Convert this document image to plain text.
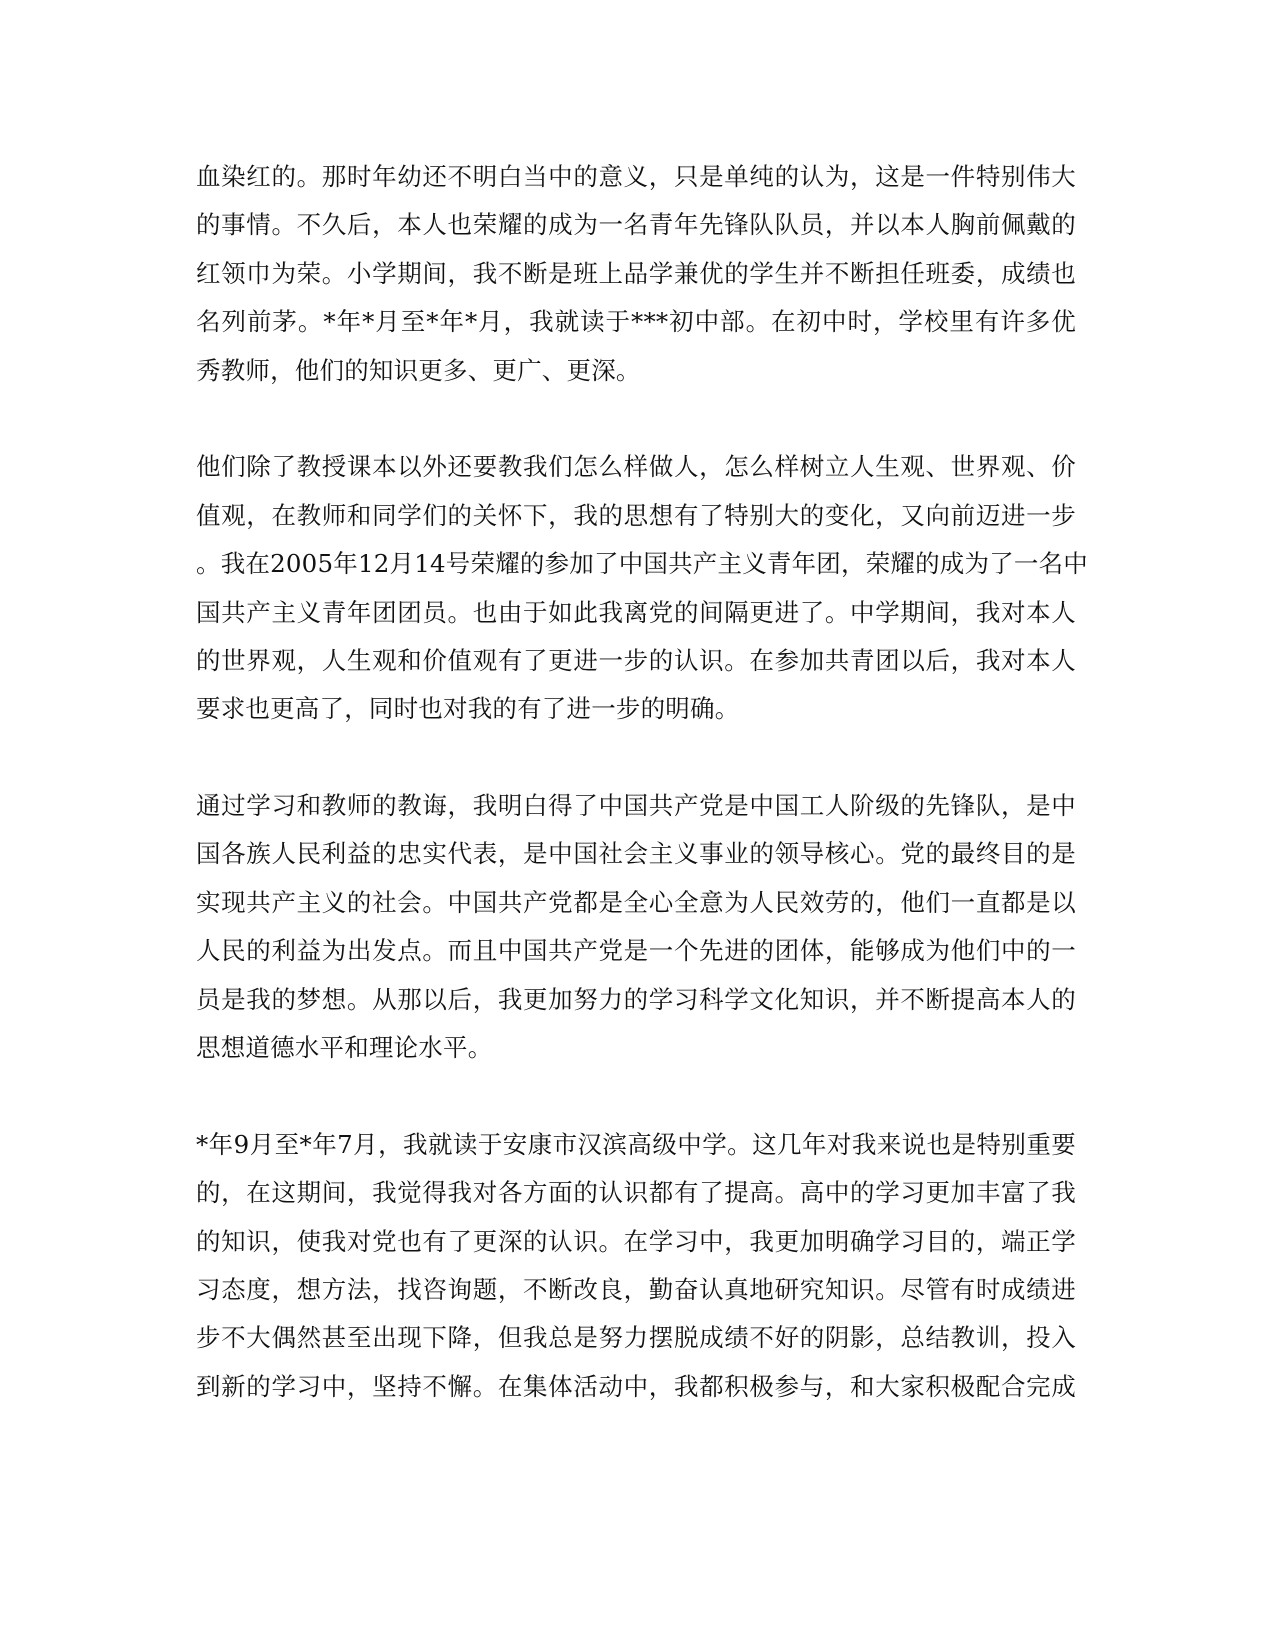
血染红的。那时年幼还不明白当中的意义，只是单纯的认为，这是一件特别伟大
的事情。不久后，本人也荣耀的成为一名青年先锋队队员，并以本人胸前佩戴的
红领巾为荣。小学期间，我不断是班上品学兼优的学生并不断担任班委，成绩也
名列前茅。*年*月至*年*月，我就读于***初中部。在初中时，学校里有许多优
秀教师，他们的知识更多、更广、更深。
他们除了教授课本以外还要教我们怎么样做人，怎么样树立人生观、世界观、价
值观，在教师和同学们的关怀下，我的思想有了特别大的变化，又向前迈进一步
。我在2005年12月14号荣耀的参加了中国共产主义青年团，荣耀的成为了一名中
国共产主义青年团团员。也由于如此我离党的间隔更进了。中学期间，我对本人
的世界观，人生观和价值观有了更进一步的认识。在参加共青团以后，我对本人
要求也更高了，同时也对我的有了进一步的明确。
通过学习和教师的教诲，我明白得了中国共产党是中国工人阶级的先锋队，是中
国各族人民利益的忠实代表，是中国社会主义事业的领导核心。党的最终目的是
实现共产主义的社会。中国共产党都是全心全意为人民效劳的，他们一直都是以
人民的利益为出发点。而且中国共产党是一个先进的团体，能够成为他们中的一
员是我的梦想。从那以后，我更加努力的学习科学文化知识，并不断提高本人的
思想道德水平和理论水平。
*年9月至*年7月，我就读于安康市汉滨高级中学。这几年对我来说也是特别重要
的，在这期间，我觉得我对各方面的认识都有了提高。高中的学习更加丰富了我
的知识，使我对党也有了更深的认识。在学习中，我更加明确学习目的，端正学
习态度，想方法，找咨询题，不断改良，勤奋认真地研究知识。尽管有时成绩进
步不大偶然甚至出现下降，但我总是努力摆脱成绩不好的阴影，总结教训，投入
到新的学习中，坚持不懈。在集体活动中，我都积极参与，和大家积极配合完成
